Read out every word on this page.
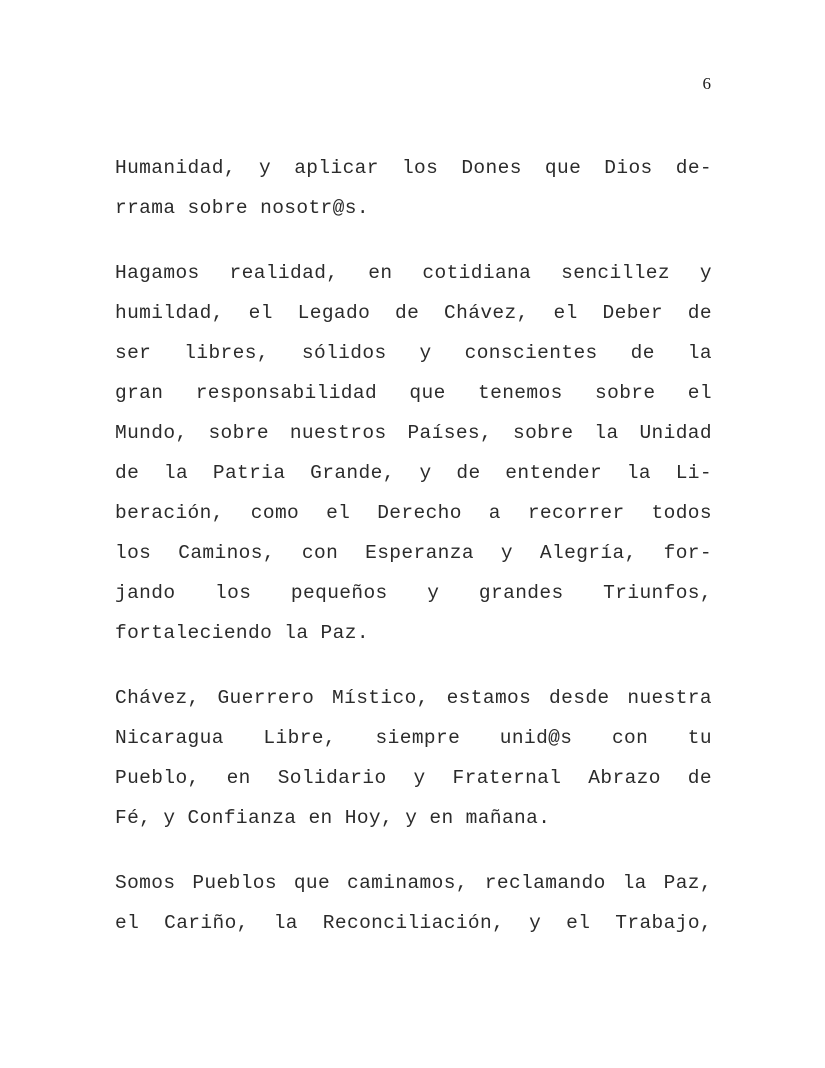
6
Humanidad, y aplicar los Dones que Dios de-
rrama sobre nosotr@s.
Hagamos realidad, en cotidiana sencillez y
humildad, el Legado de Chávez, el Deber de
ser libres, sólidos y conscientes de la
gran responsabilidad que tenemos sobre el
Mundo, sobre nuestros Países, sobre la Unidad
de la Patria Grande, y de entender la Li-
beración, como el Derecho a recorrer todos
los Caminos, con Esperanza y Alegría, for-
jando los pequeños y grandes Triunfos,
fortaleciendo la Paz.
Chávez, Guerrero Místico, estamos desde nuestra
Nicaragua Libre, siempre unid@s con tu
Pueblo, en Solidario y Fraternal Abrazo de
Fé, y Confianza en Hoy, y en mañana.
Somos Pueblos que caminamos, reclamando la Paz,
el Cariño, la Reconciliación, y el Trabajo,
